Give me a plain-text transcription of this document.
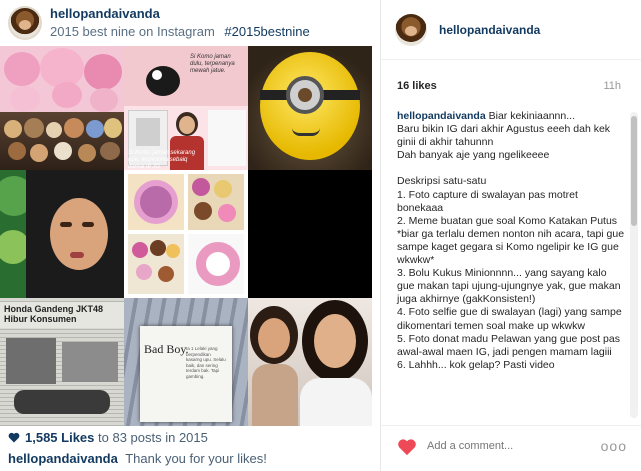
hellopandaivanda
2015 best nine on Instagram #2015bestnine
Si Komo jaman dulu, terpenanya mewah jatue.
Si Komo jaman sekarang gue, terpesona sebaiq damai di JG
Honda Gandeng JKT48 Hibur Konsumen
Bad Boy.
Ia 1 Lelaki yang berpendikan kasarng upu. Selalu baik, dan sering terdam bak. Tapi gambing.
1,585 Likes to 83 posts in 2015
hellopandaivanda Thank you for your likes!
hellopandaivanda
16 likes	11h
hellopandaivanda Biar kekiniaannn...
Baru bikin IG dari akhir Agustus eeeh dah kek ginii di akhir tahunnn
Dah banyak aje yang ngelikeeee

Deskripsi satu-satu
1. Foto capture di swalayan pas motret bonekaaa
2. Meme buatan gue soal Komo Katakan Putus *biar ga terlalu demen nonton nih acara, tapi gue sampe kaget gegara si Komo ngelipir ke IG gue wkwkw*
3. Bolu Kukus Minionnnn... yang sayang kalo gue makan tapi ujung-ujungnye yak, gue makan juga akhirnye (gakKonsisten!)
4. Foto selfie gue di swalayan (lagi) yang sampe dikomentari temen soal make up wkwkw
5. Foto donat madu Pelawan yang gue post pas awal-awal maen IG, jadi pengen mamam lagiii
6. Lahhh... kok gelap? Pasti video
Add a comment...
ooo
